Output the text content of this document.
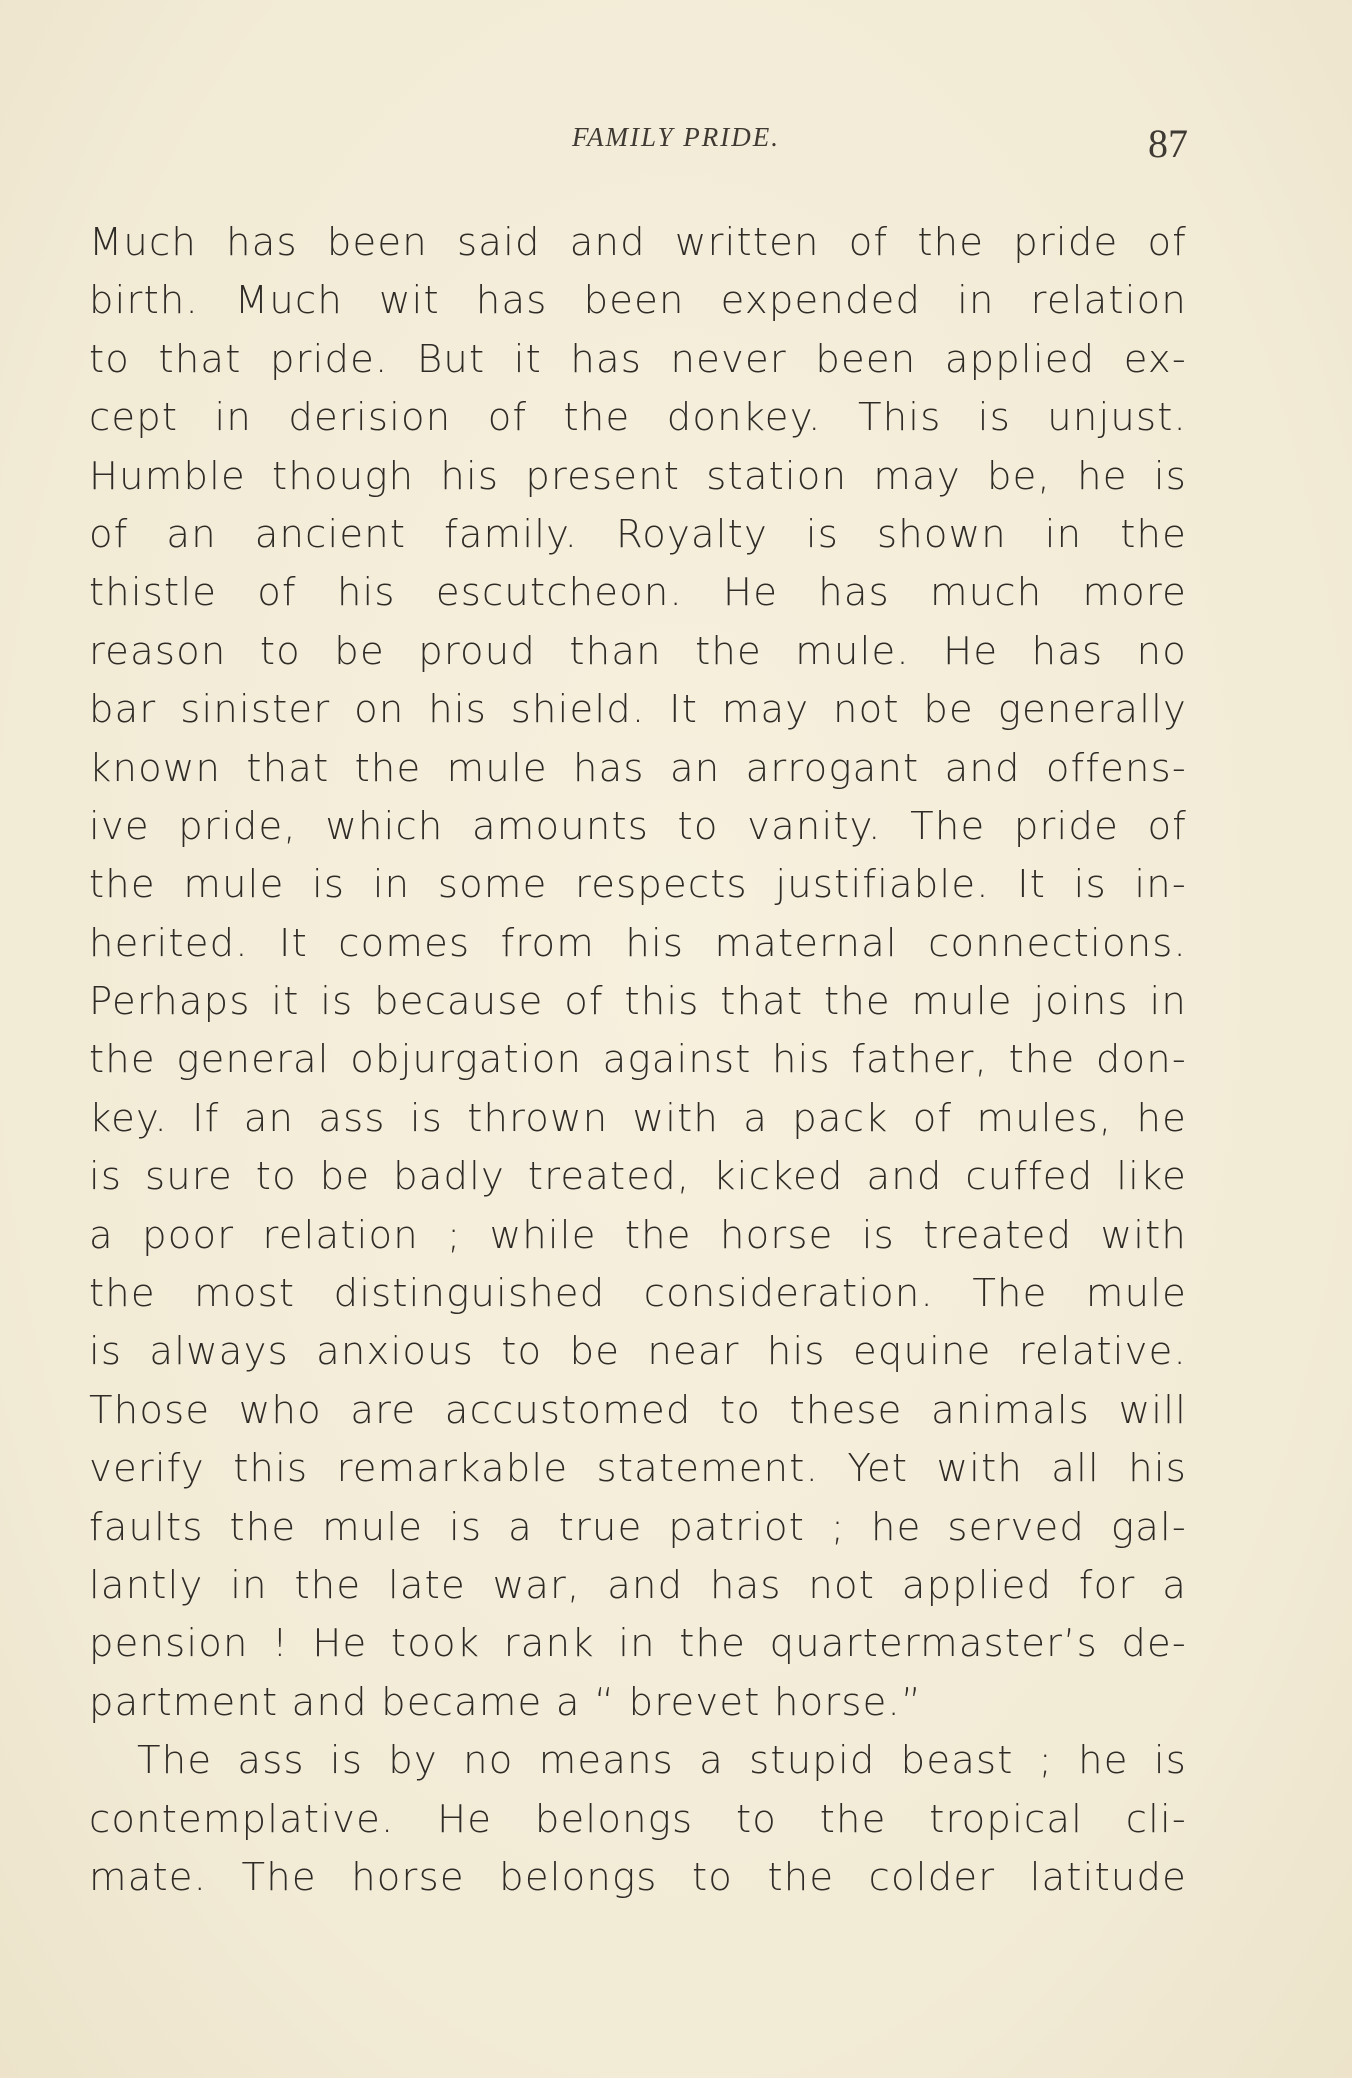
FAMILY PRIDE.	87
Much has been said and written of the pride of
birth. Much wit has been expended in relation
to that pride. But it has never been applied ex-
cept in derision of the donkey. This is unjust.
Humble though his present station may be, he is
of an ancient family. Royalty is shown in the
thistle of his escutcheon. He has much more
reason to be proud than the mule. He has no
bar sinister on his shield. It may not be generally
known that the mule has an arrogant and offens-
ive pride, which amounts to vanity. The pride of
the mule is in some respects justifiable. It is in-
herited. It comes from his maternal connections.
Perhaps it is because of this that the mule joins in
the general objurgation against his father, the don-
key. If an ass is thrown with a pack of mules, he
is sure to be badly treated, kicked and cuffed like
a poor relation ; while the horse is treated with
the most distinguished consideration. The mule
is always anxious to be near his equine relative.
Those who are accustomed to these animals will
verify this remarkable statement. Yet with all his
faults the mule is a true patriot ; he served gal-
lantly in the late war, and has not applied for a
pension ! He took rank in the quartermaster’s de-
partment and became a “ brevet horse.”
The ass is by no means a stupid beast ; he is
contemplative. He belongs to the tropical cli-
mate. The horse belongs to the colder latitude
